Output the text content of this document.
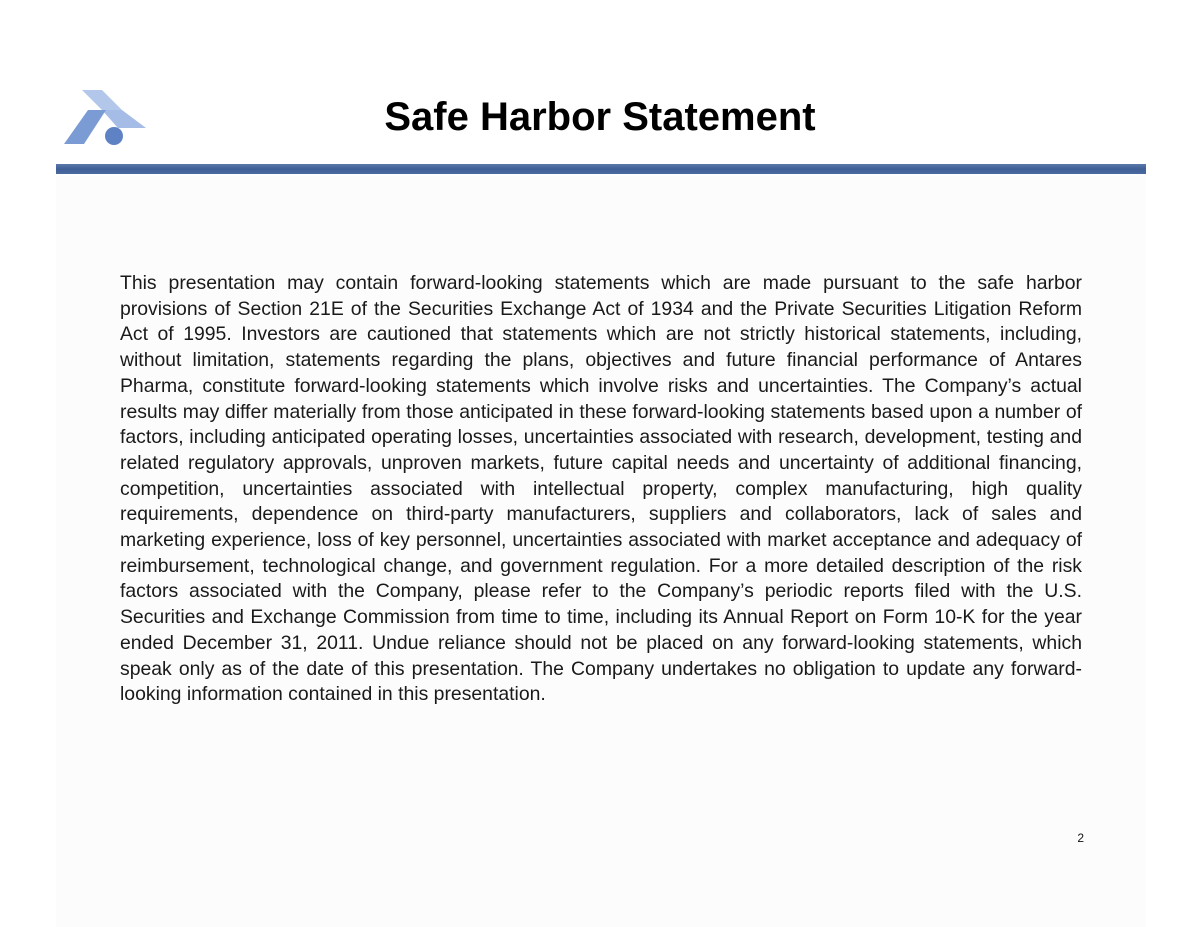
Safe Harbor Statement

This presentation may contain forward-looking statements which are made pursuant to the safe harbor provisions of Section 21E of the Securities Exchange Act of 1934 and the Private Securities Litigation Reform Act of 1995. Investors are cautioned that statements which are not strictly historical statements, including, without limitation, statements regarding the plans, objectives and future financial performance of Antares Pharma, constitute forward-looking statements which involve risks and uncertainties. The Company’s actual results may differ materially from those anticipated in these forward-looking statements based upon a number of factors, including anticipated operating losses, uncertainties associated with research, development, testing and related regulatory approvals, unproven markets, future capital needs and uncertainty of additional financing, competition, uncertainties associated with intellectual property, complex manufacturing, high quality requirements, dependence on third-party manufacturers, suppliers and collaborators, lack of sales and marketing experience, loss of key personnel, uncertainties associated with market acceptance and adequacy of reimbursement, technological change, and government regulation. For a more detailed description of the risk factors associated with the Company, please refer to the Company’s periodic reports filed with the U.S. Securities and Exchange Commission from time to time, including its Annual Report on Form 10-K for the year ended December 31, 2011. Undue reliance should not be placed on any forward-looking statements, which speak only as of the date of this presentation. The Company undertakes no obligation to update any forward-looking information contained in this presentation.

2
